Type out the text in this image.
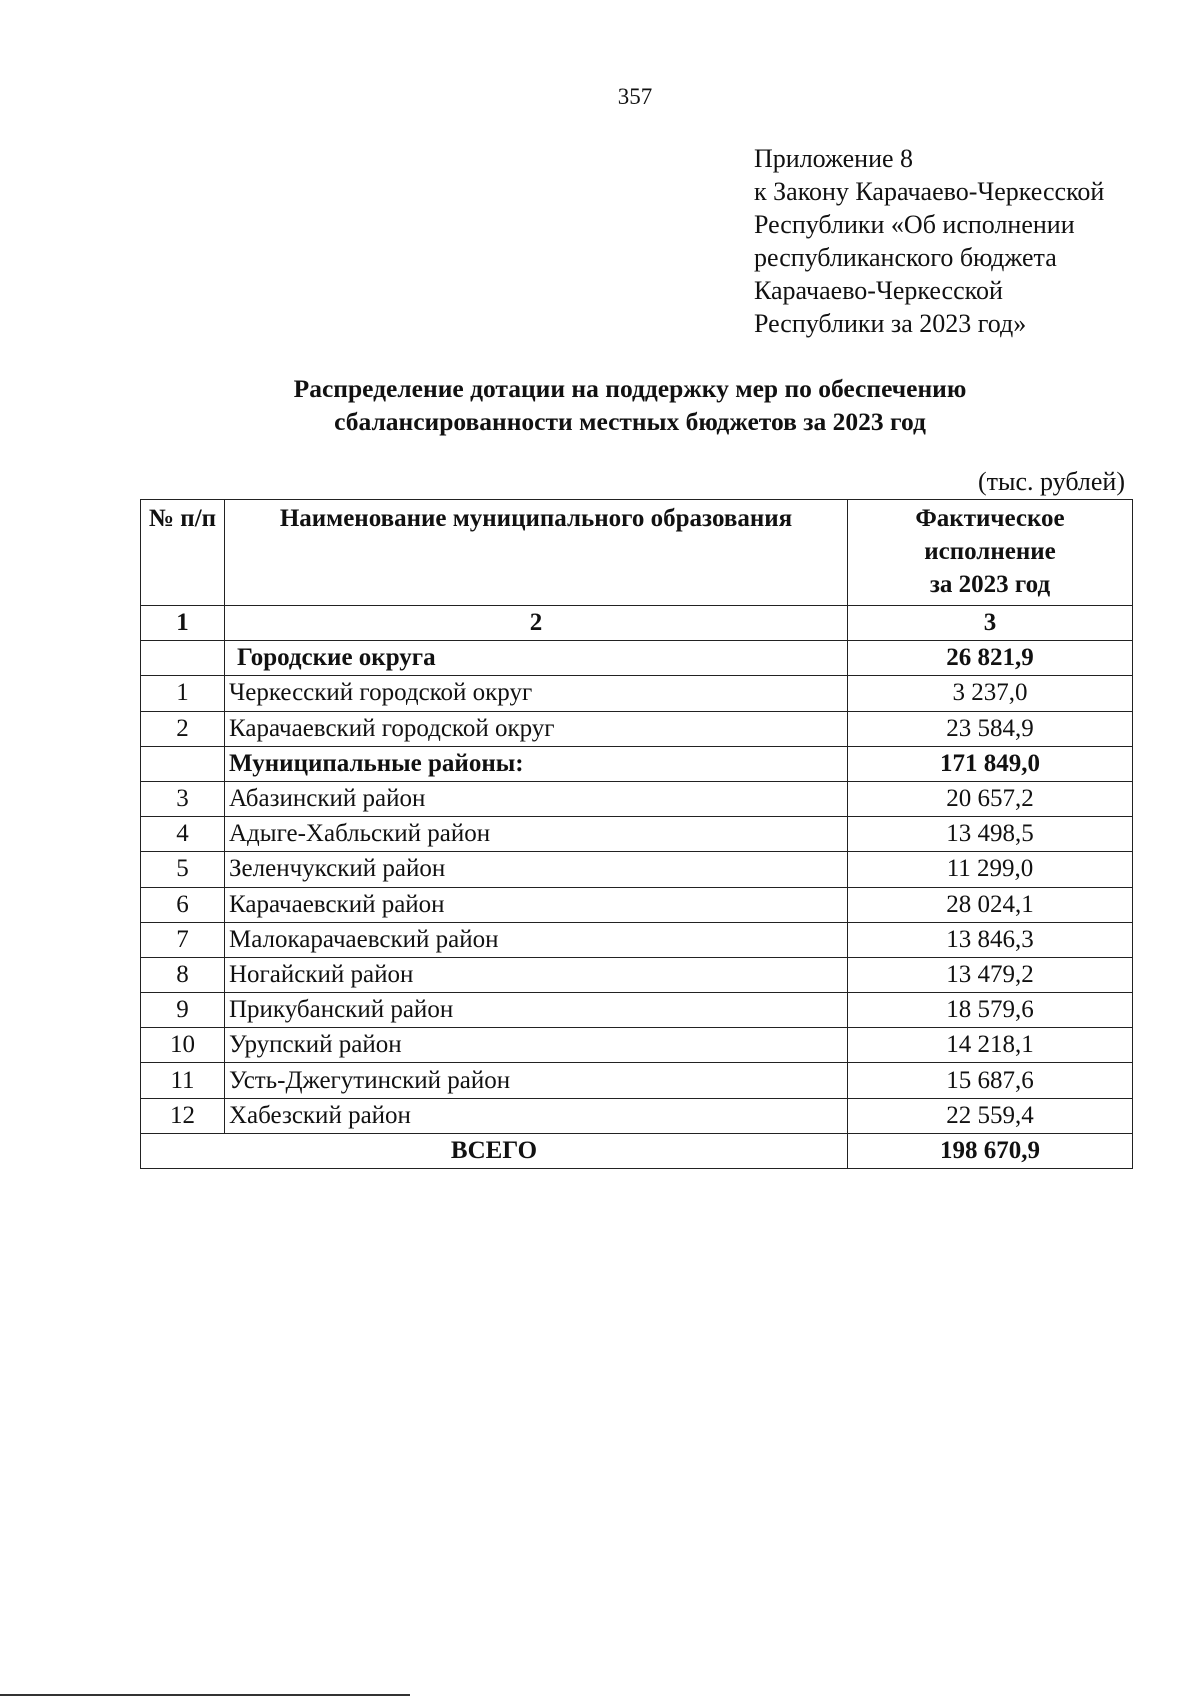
357
Приложение 8
к Закону Карачаево-Черкесской
Республики «Об исполнении
республиканского бюджета
Карачаево-Черкесской
Республики за 2023 год»
Распределение дотации на поддержку мер по обеспечению
сбалансированности местных бюджетов за 2023 год
(тыс. рублей)
№ п/п	Наименование муниципального образования	Фактическое
исполнение
за 2023 год

1	2	3
	Городские округа	26 821,9
1	Черкесский городской округ	3 237,0
2	Карачаевский городской округ	23 584,9
	Муниципальные районы:	171 849,0
3	Абазинский район	20 657,2
4	Адыге-Хабльский район	13 498,5
5	Зеленчукский район	11 299,0
6	Карачаевский район	28 024,1
7	Малокарачаевский район	13 846,3
8	Ногайский район	13 479,2
9	Прикубанский район	18 579,6
10	Урупский район	14 218,1
11	Усть-Джегутинский район	15 687,6
12	Хабезский район	22 559,4
ВСЕГО		198 670,9
